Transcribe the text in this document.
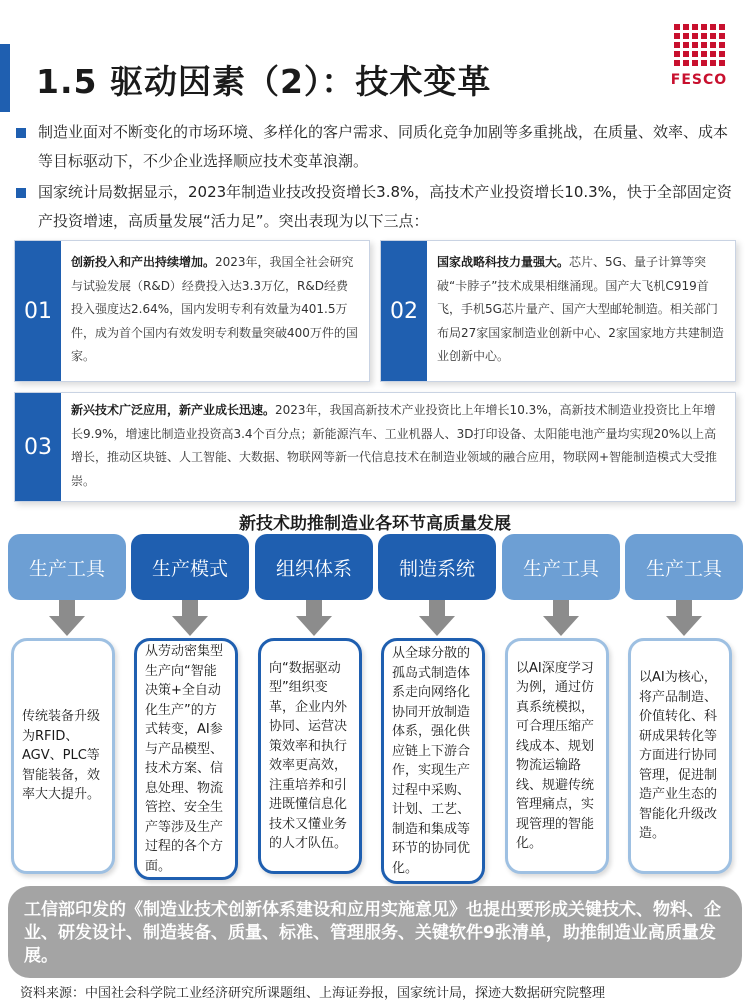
1.5 驱动因素（2）：技术变革	FESCO
制造业面对不断变化的市场环境、多样化的客户需求、同质化竞争加剧等多重挑战，在质量、效率、成本等目标驱动下，不少企业选择顺应技术变革浪潮。
国家统计局数据显示，2023年制造业技改投资增长3.8%，高技术产业投资增长10.3%，快于全部固定资产投资增速，高质量发展“活力足”。突出表现为以下三点：
01
创新投入和产出持续增加。2023年，我国全社会研究与试验发展（R&D）经费投入达3.3万亿，R&D经费投入强度达2.64%，国内发明专利有效量为401.5万件，成为首个国内有效发明专利数量突破400万件的国家。
02
国家战略科技力量强大。芯片、5G、量子计算等突破“卡脖子”技术成果相继涌现。国产大飞机C919首飞，手机5G芯片量产、国产大型邮轮制造。相关部门布局27家国家制造业创新中心、2家国家地方共建制造业创新中心。
03
新兴技术广泛应用，新产业成长迅速。2023年，我国高新技术产业投资比上年增长10.3%，高新技术制造业投资比上年增长9.9%，增速比制造业投资高3.4个百分点；新能源汽车、工业机器人、3D打印设备、太阳能电池产量均实现20%以上高增长，推动区块链、人工智能、大数据、物联网等新一代信息技术在制造业领域的融合应用，物联网+智能制造模式大受推崇。
新技术助推制造业各环节高质量发展
生产工具	生产模式	组织体系	制造系统	生产工具	生产工具
传统装备升级为RFID、AGV、PLC等智能装备，效率大大提升。
从劳动密集型生产向“智能决策+全自动化生产”的方式转变，AI参与产品模型、技术方案、信息处理、物流管控、安全生产等涉及生产过程的各个方面。
向“数据驱动型”组织变革，企业内外协同、运营决策效率和执行效率更高效，注重培养和引进既懂信息化技术又懂业务的人才队伍。
从全球分散的孤岛式制造体系走向网络化协同开放制造体系，强化供应链上下游合作，实现生产过程中采购、计划、工艺、制造和集成等环节的协同优化。
以AI深度学习为例，通过仿真系统模拟，可合理压缩产线成本、规划物流运输路线、规避传统管理痛点，实现管理的智能化。
以AI为核心，将产品制造、价值转化、科研成果转化等方面进行协同管理，促进制造产业生态的智能化升级改造。
工信部印发的《制造业技术创新体系建设和应用实施意见》也提出要形成关键技术、物料、企业、研发设计、制造装备、质量、标准、管理服务、关键软件9张清单，助推制造业高质量发展。
资料来源：中国社会科学院工业经济研究所课题组、上海证券报，国家统计局，探迹大数据研究院整理
